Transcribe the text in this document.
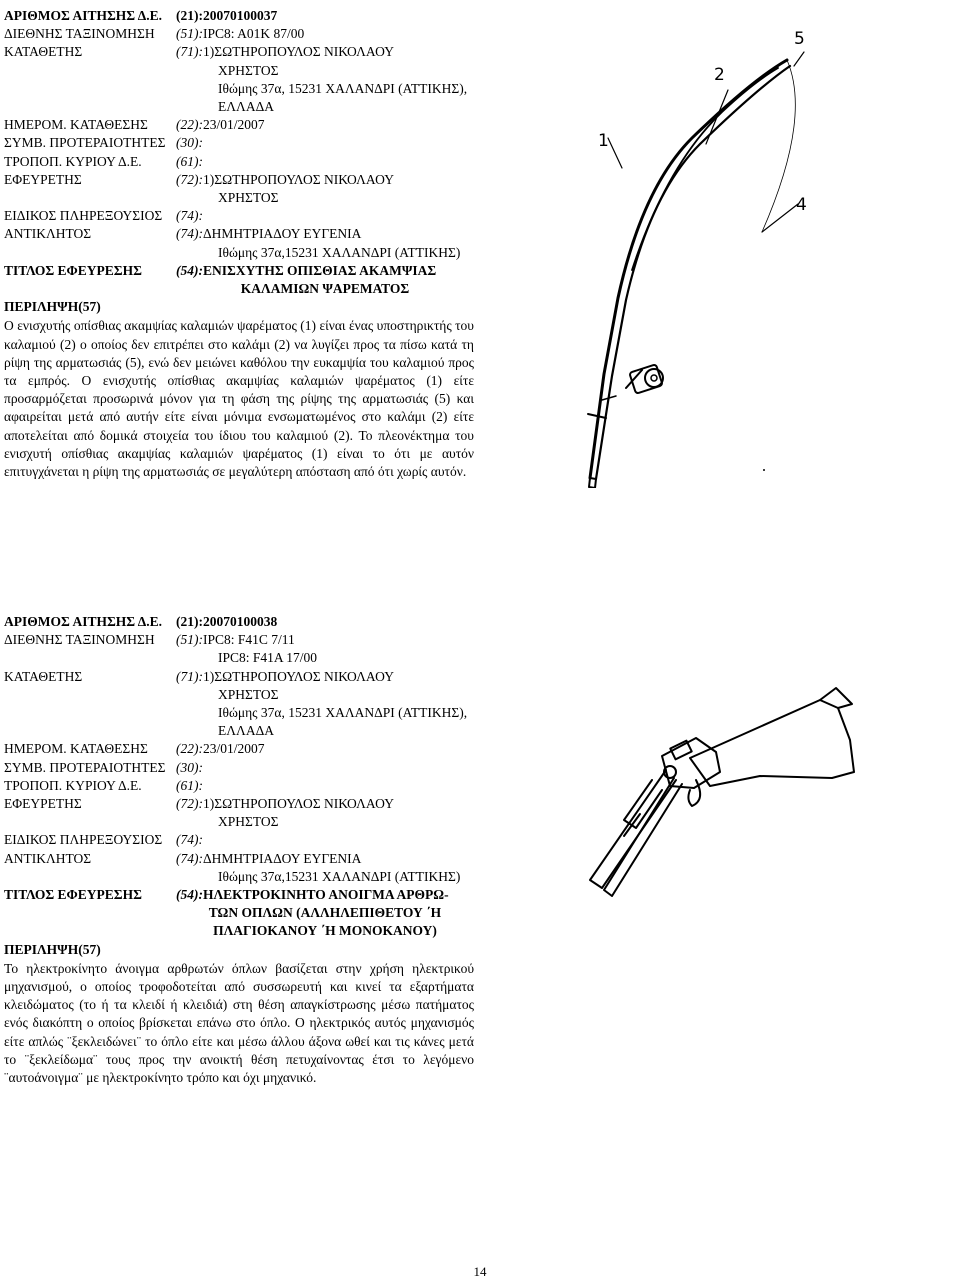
ΑΡΙΘΜΟΣ ΑΙΤΗΣΗΣ Δ.Ε.	(21):20070100037
ΔΙΕΘΝΗΣ ΤΑΞΙΝΟΜΗΣΗ	(51):IPC8: A01K 87/00
ΚΑΤΑΘΕΤΗΣ	(71):1)ΣΩΤΗΡΟΠΟΥΛΟΣ ΝΙΚΟΛΑΟΥ
ΧΡΗΣΤΟΣ
Ιθώμης 37α, 15231 ΧΑΛΑΝΔΡΙ (ΑΤΤΙΚΗΣ),
ΕΛΛΑΔΑ
ΗΜΕΡΟΜ. ΚΑΤΑΘΕΣΗΣ	(22):23/01/2007
ΣΥΜΒ. ΠΡΟΤΕΡΑΙΟΤΗΤΕΣ (30):
ΤΡΟΠΟΠ. ΚΥΡΙΟΥ Δ.Ε.	(61):
ΕΦΕΥΡΕΤΗΣ	(72):1)ΣΩΤΗΡΟΠΟΥΛΟΣ ΝΙΚΟΛΑΟΥ
ΧΡΗΣΤΟΣ
ΕΙΔΙΚΟΣ ΠΛΗΡΕΞΟΥΣΙΟΣ	(74):
ΑΝΤΙΚΛΗΤΟΣ	(74):ΔΗΜΗΤΡΙΑΔΟΥ ΕΥΓΕΝΙΑ
Ιθώμης 37α,15231 ΧΑΛΑΝΔΡΙ (ΑΤΤΙΚΗΣ)
ΤΙΤΛΟΣ ΕΦΕΥΡΕΣΗΣ	(54):ΕΝΙΣΧΥΤΗΣ ΟΠΙΣΘΙΑΣ ΑΚΑΜΨΙΑΣ
ΚΑΛΑΜΙΩΝ ΨΑΡΕΜΑΤΟΣ
ΠΕΡΙΛΗΨΗ(57)
Ο ενισχυτής οπίσθιας ακαμψίας καλαμιών ψαρέματος (1) είναι ένας υποστηρικτής του καλαμιού (2) ο οποίος δεν επιτρέπει στο καλάμι (2) να λυγίζει προς τα πίσω κατά τη ρίψη της αρματωσιάς (5), ενώ δεν μειώνει καθόλου την ευκαμψία του καλαμιού προς τα εμπρός. Ο ενισχυτής οπίσθιας ακαμψίας καλαμιών ψαρέματος (1) είτε προσαρμόζεται προσωρινά μόνον για τη φάση της ρίψης της αρματωσιάς (5) και αφαιρείται μετά από αυτήν είτε είναι μόνιμα ενσωματωμένος στο καλάμι (2) είτε αποτελείται από δομικά στοιχεία του ίδιου του καλαμιού (2). Το πλεονέκτημα του ενισχυτή οπίσθιας ακαμψίας καλαμιών ψαρέματος (1) είναι το ότι με αυτόν επιτυγχάνεται η ρίψη της αρματωσιάς σε μεγαλύτερη απόσταση από ότι χωρίς αυτόν.
5
2
1
4
ΑΡΙΘΜΟΣ ΑΙΤΗΣΗΣ Δ.Ε.	(21):20070100038
ΔΙΕΘΝΗΣ ΤΑΞΙΝΟΜΗΣΗ	(51):IPC8: F41C 7/11
IPC8: F41A 17/00
ΚΑΤΑΘΕΤΗΣ	(71):1)ΣΩΤΗΡΟΠΟΥΛΟΣ ΝΙΚΟΛΑΟΥ
ΧΡΗΣΤΟΣ
Ιθώμης 37α, 15231 ΧΑΛΑΝΔΡΙ (ΑΤΤΙΚΗΣ),
ΕΛΛΑΔΑ
ΗΜΕΡΟΜ. ΚΑΤΑΘΕΣΗΣ	(22):23/01/2007
ΣΥΜΒ. ΠΡΟΤΕΡΑΙΟΤΗΤΕΣ (30):
ΤΡΟΠΟΠ. ΚΥΡΙΟΥ Δ.Ε.	(61):
ΕΦΕΥΡΕΤΗΣ	(72):1)ΣΩΤΗΡΟΠΟΥΛΟΣ ΝΙΚΟΛΑΟΥ
ΧΡΗΣΤΟΣ
ΕΙΔΙΚΟΣ ΠΛΗΡΕΞΟΥΣΙΟΣ	(74):
ΑΝΤΙΚΛΗΤΟΣ	(74):ΔΗΜΗΤΡΙΑΔΟΥ ΕΥΓΕΝΙΑ
Ιθώμης 37α,15231 ΧΑΛΑΝΔΡΙ (ΑΤΤΙΚΗΣ)
ΤΙΤΛΟΣ ΕΦΕΥΡΕΣΗΣ	(54):ΗΛΕΚΤΡΟΚΙΝΗΤΟ ΑΝΟΙΓΜΑ ΑΡΘΡΩ-
ΤΩΝ ΟΠΛΩΝ (ΑΛΛΗΛΕΠΙΘΕΤΟΥ ΄Η
ΠΛΑΓΙΟΚΑΝΟΥ ΄Η ΜΟΝΟΚΑΝΟΥ)
ΠΕΡΙΛΗΨΗ(57)
Το ηλεκτροκίνητο άνοιγμα αρθρωτών όπλων βασίζεται στην χρήση ηλεκτρικού μηχανισμού, ο οποίος τροφοδοτείται από συσσωρευτή και κινεί τα εξαρτήματα κλειδώματος (το ή τα κλειδί ή κλειδιά) στη θέση απαγκίστρωσης μέσω πατήματος ενός διακόπτη ο οποίος βρίσκεται επάνω στο όπλο. Ο ηλεκτρικός αυτός μηχανισμός είτε απλώς ¨ξεκλειδώνει¨ το όπλο είτε και μέσω άλλου άξονα ωθεί και τις κάνες μετά το ¨ξεκλείδωμα¨ τους προς την ανοικτή θέση πετυχαίνοντας έτσι το λεγόμενο ¨αυτοάνοιγμα¨ με ηλεκτροκίνητο τρόπο και όχι μηχανικό.
14
